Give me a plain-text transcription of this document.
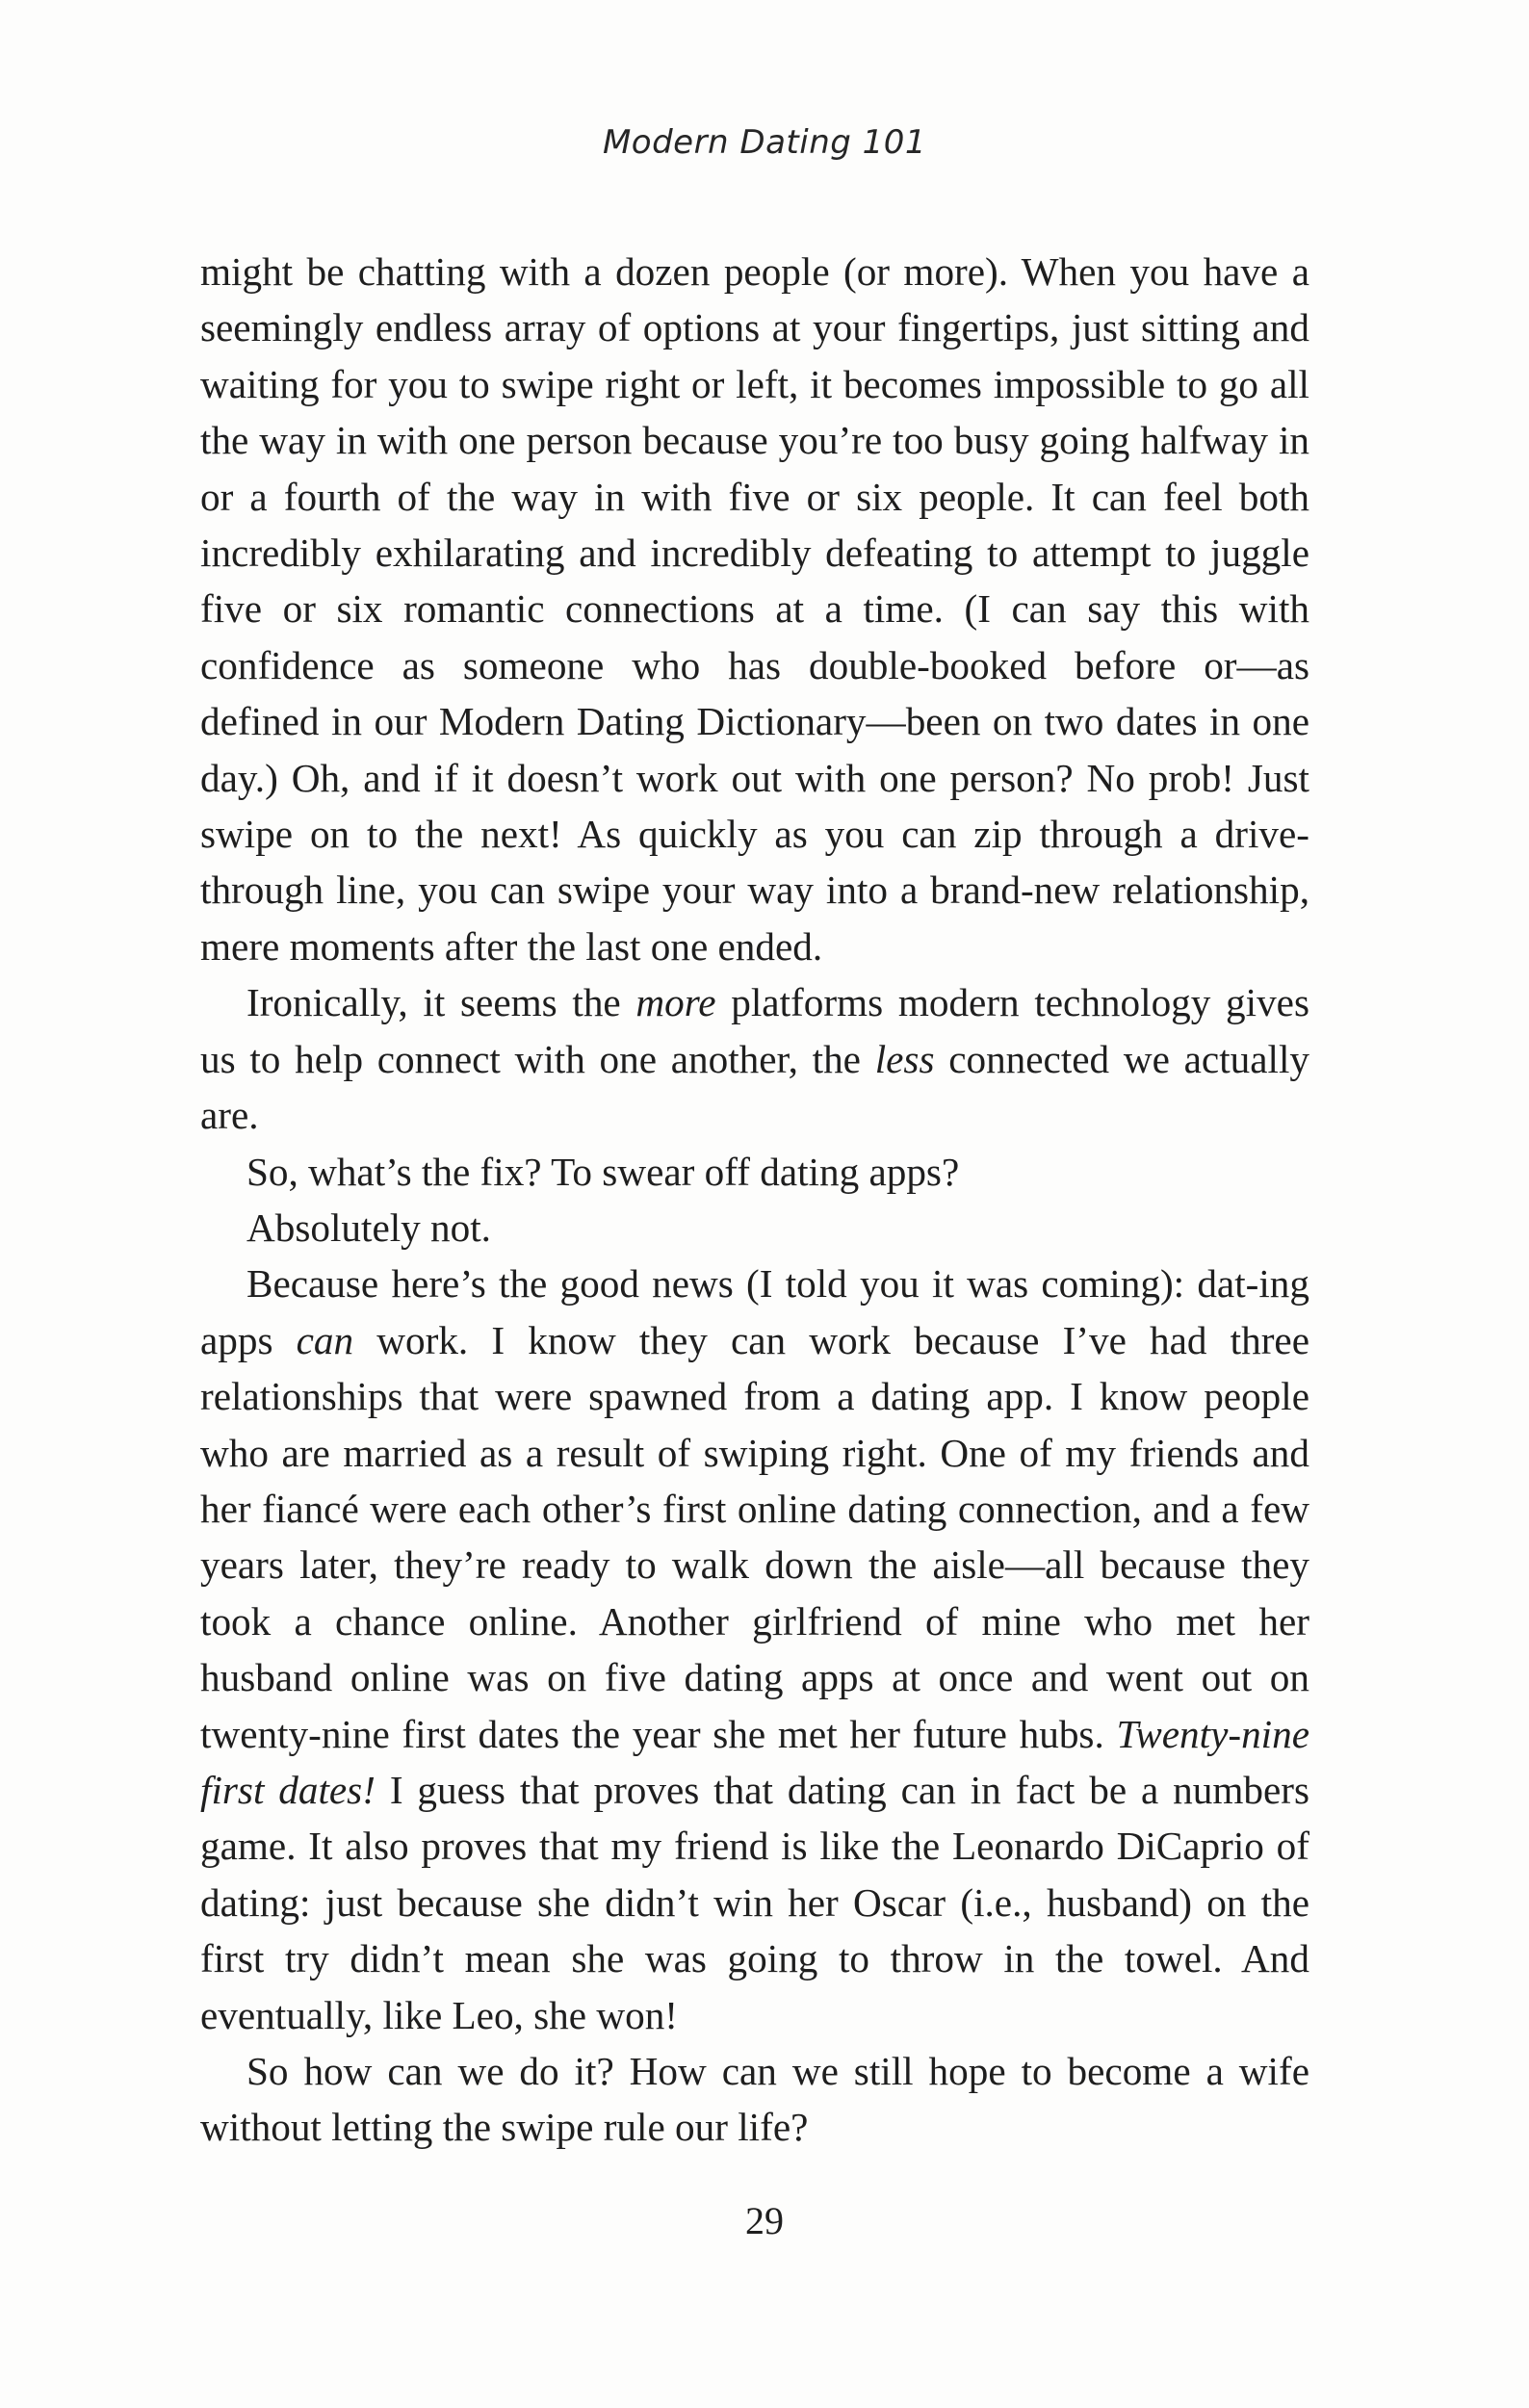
Modern Dating 101

might be chatting with a dozen people (or more). When you have a seemingly endless array of options at your fingertips, just sitting and waiting for you to swipe right or left, it becomes impossible to go all the way in with one person because you’re too busy going halfway in or a fourth of the way in with five or six people. It can feel both incredibly exhilarating and incredibly defeating to attempt to juggle five or six romantic connections at a time. (I can say this with confidence as someone who has double-booked before or—as defined in our Modern Dating Dictionary—been on two dates in one day.) Oh, and if it doesn’t work out with one person? No prob! Just swipe on to the next! As quickly as you can zip through a drive-through line, you can swipe your way into a brand-new relationship, mere moments after the last one ended.

Ironically, it seems the more platforms modern technology gives us to help connect with one another, the less connected we actually are.

So, what’s the fix? To swear off dating apps?

Absolutely not.

Because here’s the good news (I told you it was coming): dat-ing apps can work. I know they can work because I’ve had three relationships that were spawned from a dating app. I know people who are married as a result of swiping right. One of my friends and her fiancé were each other’s first online dating connection, and a few years later, they’re ready to walk down the aisle—all because they took a chance online. Another girlfriend of mine who met her husband online was on five dating apps at once and went out on twenty-nine first dates the year she met her future hubs. Twenty-nine first dates! I guess that proves that dating can in fact be a numbers game. It also proves that my friend is like the Leonardo DiCaprio of dating: just because she didn’t win her Oscar (i.e., husband) on the first try didn’t mean she was going to throw in the towel. And eventually, like Leo, she won!

So how can we do it? How can we still hope to become a wife without letting the swipe rule our life?

29
